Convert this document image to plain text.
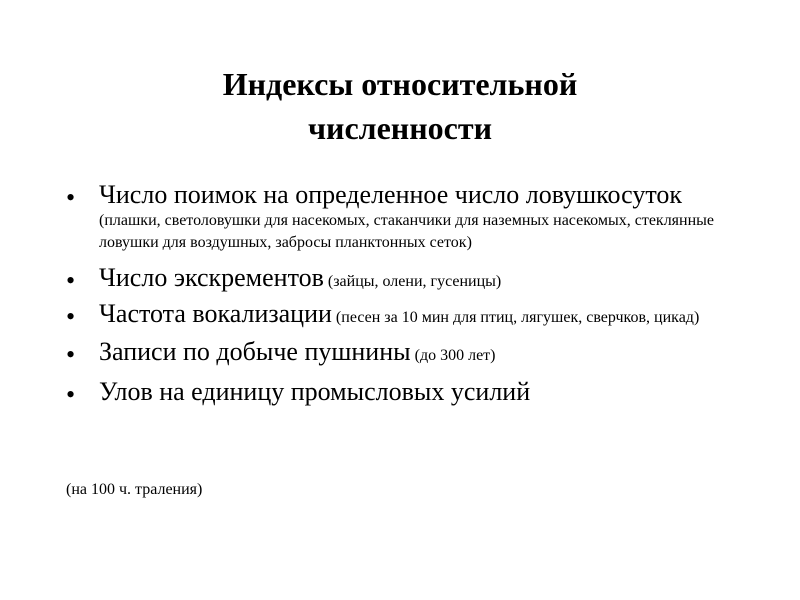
Индексы относительной
численности
• Число поимок на определенное число ловушкосуток (плашки, светоловушки для насекомых, стаканчики для наземных насекомых, стеклянные ловушки для воздушных, забросы планктонных сеток)
• Число экскрементов (зайцы, олени, гусеницы)
• Частота вокализации (песен за 10 мин для птиц, лягушек, сверчков, цикад)
• Записи по добыче пушнины (до 300 лет)
• Улов на единицу промысловых усилий
(на 100 ч. траления)
